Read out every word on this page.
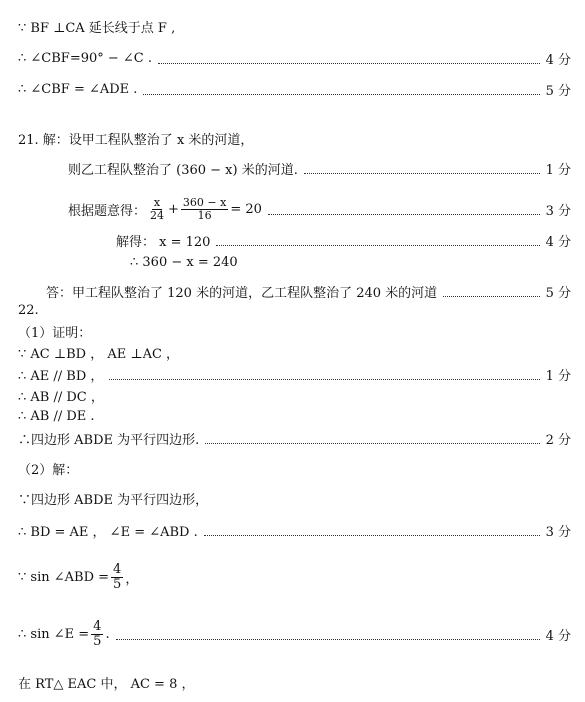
∵ BF ⊥CA 延长线于点 F ,
∴ ∠CBF=90° − ∠C .	4 分
∴ ∠CBF = ∠ADE .	5 分
21. 解：设甲工程队整治了 x 米的河道，
则乙工程队整治了 (360 − x) 米的河道.	1 分
根据题意得： $\frac{x}{24} + \frac{360 - x}{16} = 20$	3 分
解得： x = 120	4 分
∴ 360 − x = 240
答：甲工程队整治了 120 米的河道，乙工程队整治了 240 米的河道	5 分
22.
（1）证明：
∵ AC ⊥BD ， AE ⊥AC ，
∴ AE // BD ，	1 分
∴ AB // DC ，
∴ AB // DE .
∴四边形 ABDE 为平行四边形.	2 分
（2）解：
∵四边形 ABDE 为平行四边形，
∴ BD = AE ， ∠E = ∠ABD .	3 分
∵ sin ∠ABD = $\frac{4}{5}$ ，
∴ sin ∠E = $\frac{4}{5}$ .	4 分
在 RT△ EAC 中， AC = 8 ，
